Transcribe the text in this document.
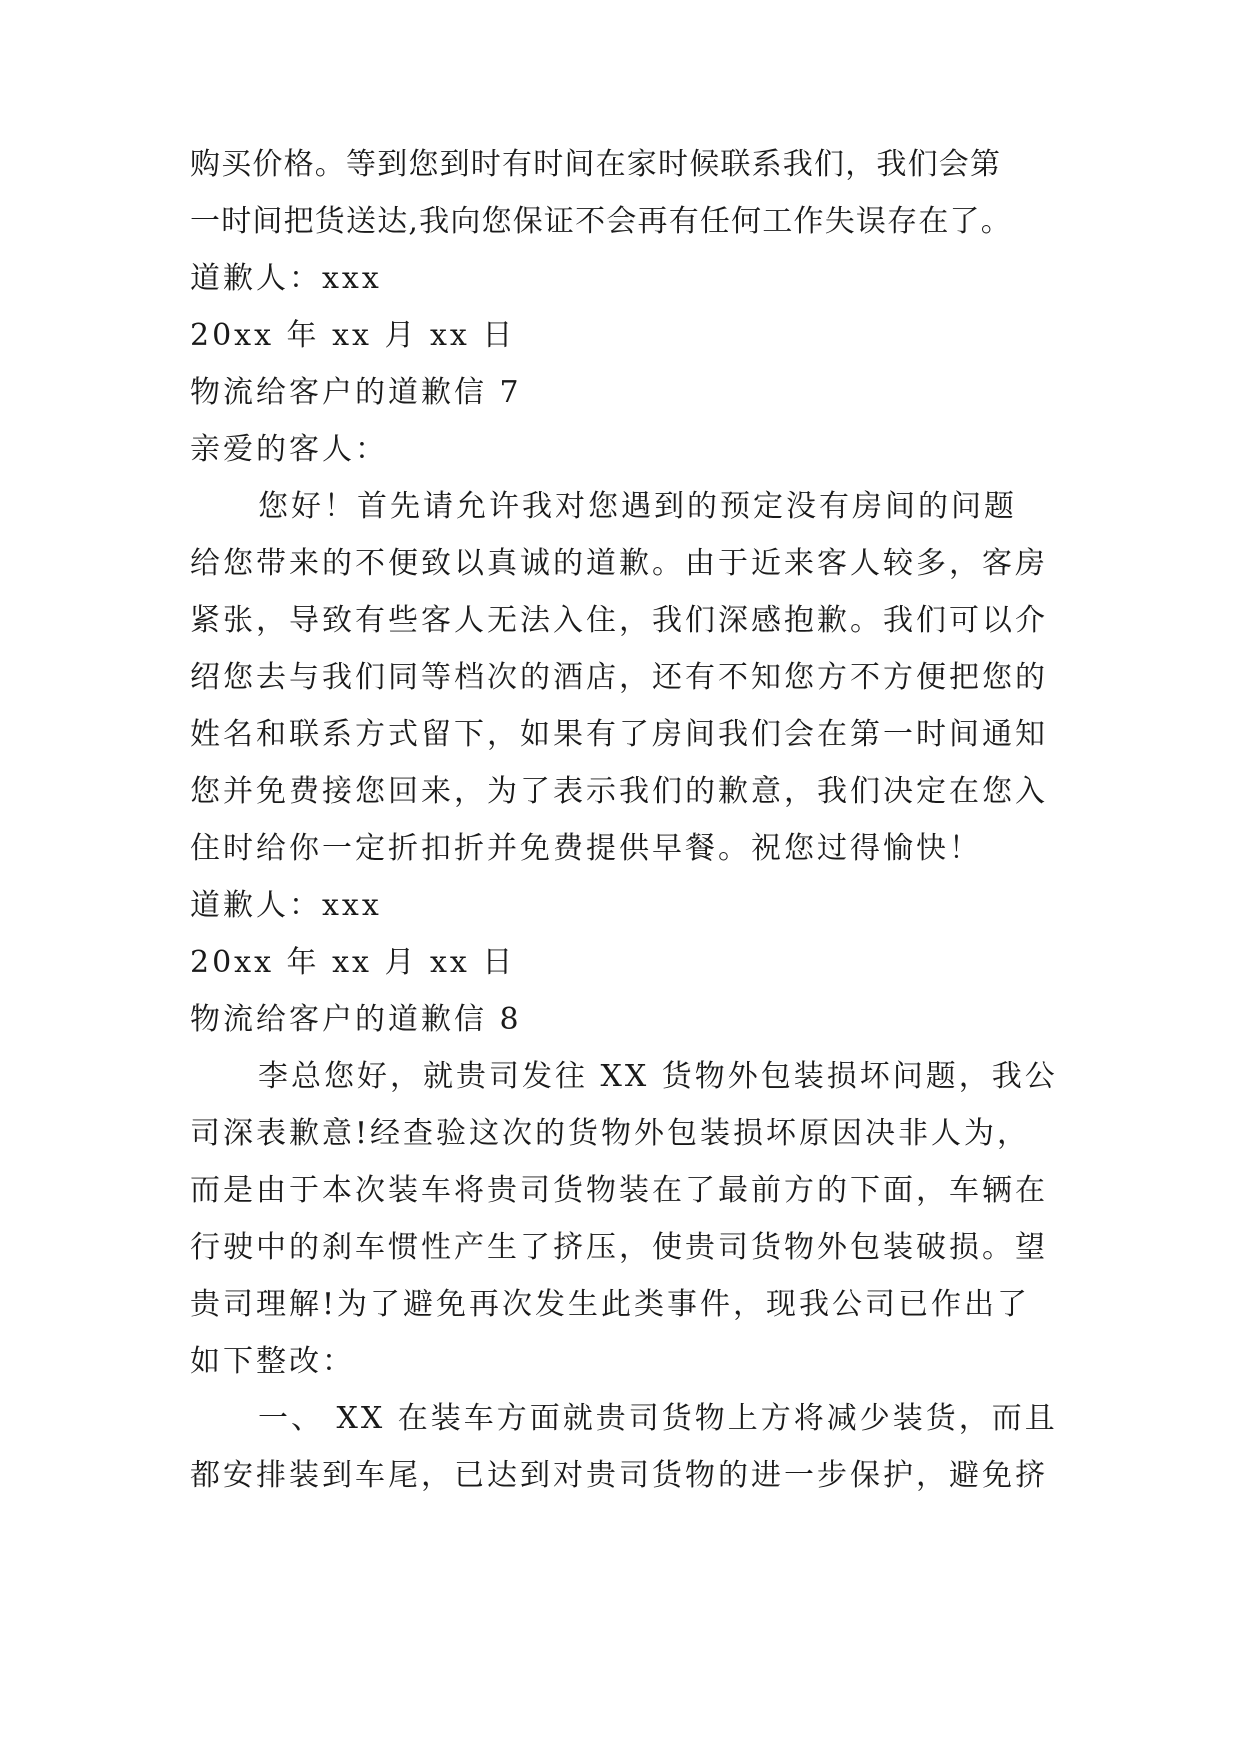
购买价格。等到您到时有时间在家时候联系我们，我们会第
一时间把货送达,我向您保证不会再有任何工作失误存在了。
道歉人：xxx
20xx 年 xx 月 xx 日
物流给客户的道歉信 7
亲爱的客人：
您好！首先请允许我对您遇到的预定没有房间的问题
给您带来的不便致以真诚的道歉。由于近来客人较多，客房
紧张，导致有些客人无法入住，我们深感抱歉。我们可以介
绍您去与我们同等档次的酒店，还有不知您方不方便把您的
姓名和联系方式留下，如果有了房间我们会在第一时间通知
您并免费接您回来，为了表示我们的歉意，我们决定在您入
住时给你一定折扣折并免费提供早餐。祝您过得愉快！
道歉人：xxx
20xx 年 xx 月 xx 日
物流给客户的道歉信 8
李总您好，就贵司发往 XX 货物外包装损坏问题，我公
司深表歉意!经查验这次的货物外包装损坏原因决非人为，
而是由于本次装车将贵司货物装在了最前方的下面，车辆在
行驶中的刹车惯性产生了挤压，使贵司货物外包装破损。望
贵司理解!为了避免再次发生此类事件，现我公司已作出了
如下整改：
一、 XX 在装车方面就贵司货物上方将减少装货，而且
都安排装到车尾，已达到对贵司货物的进一步保护，避免挤
